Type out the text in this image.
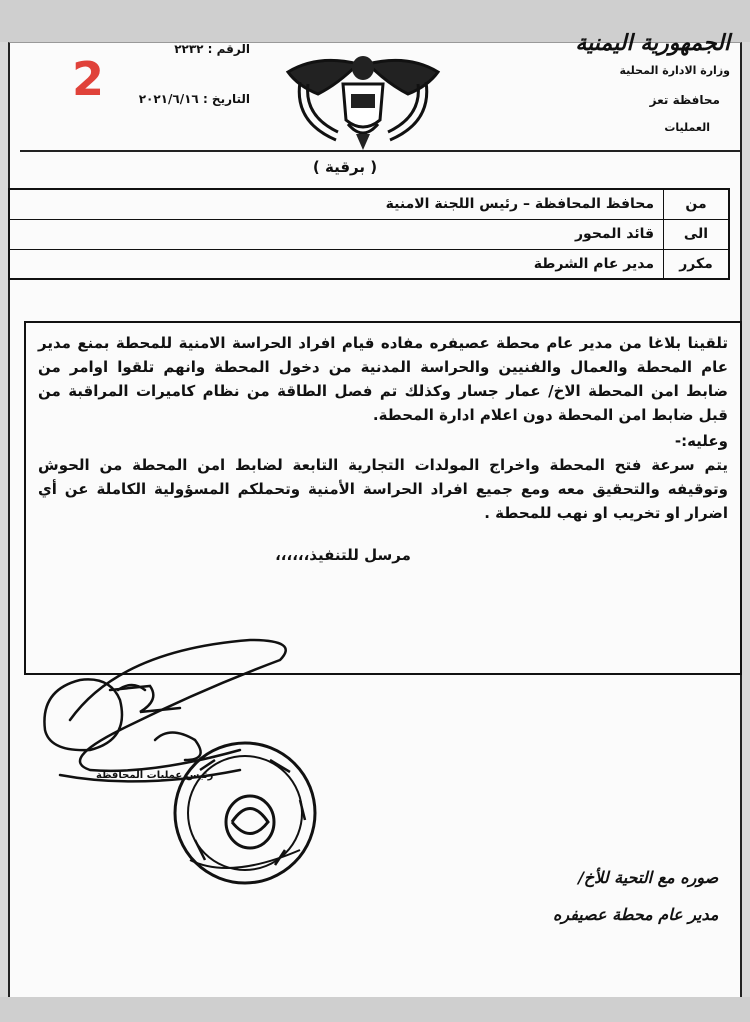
الجمهورية اليمنية
وزارة الادارة المحلية
محافظة تعز
العمليات
الرقم : ٢٢٣٢
التاريخ : ٢٠٢١/٦/١٦
2
( برقية )
من
محافظ المحافظة – رئيس اللجنة الامنية
الى
قائد المحور
مكرر
مدير عام الشرطة

تلقينا بلاغا من مدير عام محطة عصيفره مفاده قيام افراد الحراسة الامنية للمحطة بمنع مدير عام المحطة والعمال والفنيين والحراسة المدنية من دخول المحطة وانهم تلقوا اوامر من ضابط امن المحطة الاخ/ عمار جسار وكذلك تم فصل الطاقة من نظام كاميرات المراقبة من قبل ضابط امن المحطة دون اعلام ادارة المحطة.

وعليه:-

يتم سرعة فتح المحطة واخراج المولدات التجارية التابعة لضابط امن المحطة من الحوش وتوقيفه والتحقيق معه ومع جميع افراد الحراسة الأمنية وتحملكم المسؤولية الكاملة عن أي اضرار او تخريب او نهب للمحطة .

مرسل للتنفيذ،،،،،،

رئيس عمليات المحافظة
صوره مع التحية للأخ/
مدير عام محطة عصيفره
